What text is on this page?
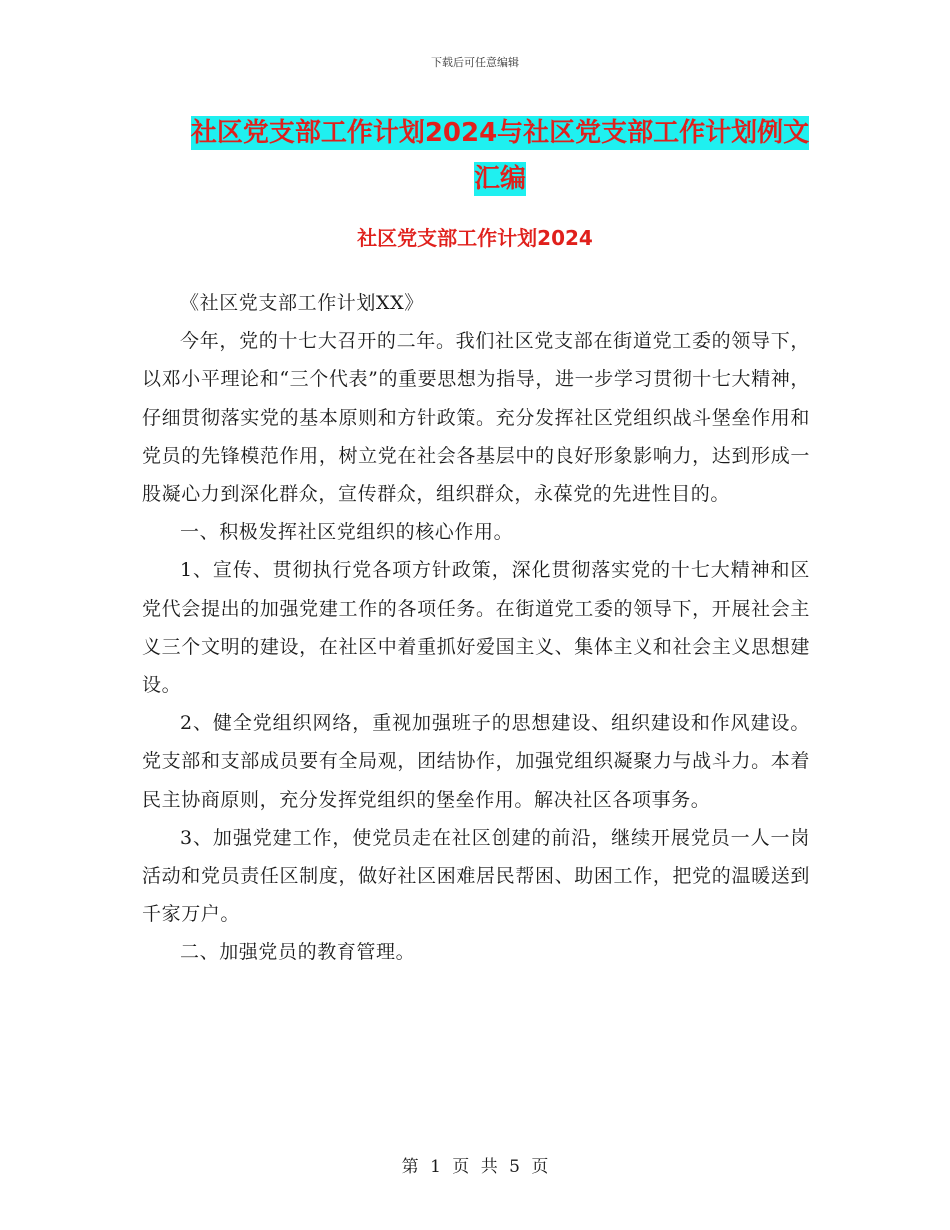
下载后可任意编辑
社区党支部工作计划2024与社区党支部工作计划例文
汇编
社区党支部工作计划2024

《社区党支部工作计划XX》

今年，党的十七大召开的二年。我们社区党支部在街道党工委的领导下，以邓小平理论和“三个代表”的重要思想为指导，进一步学习贯彻十七大精神，仔细贯彻落实党的基本原则和方针政策。充分发挥社区党组织战斗堡垒作用和党员的先锋模范作用，树立党在社会各基层中的良好形象影响力，达到形成一股凝心力到深化群众，宣传群众，组织群众，永葆党的先进性目的。

一、积极发挥社区党组织的核心作用。

1、宣传、贯彻执行党各项方针政策，深化贯彻落实党的十七大精神和区党代会提出的加强党建工作的各项任务。在街道党工委的领导下，开展社会主义三个文明的建设，在社区中着重抓好爱国主义、集体主义和社会主义思想建设。

2、健全党组织网络，重视加强班子的思想建设、组织建设和作风建设。党支部和支部成员要有全局观，团结协作，加强党组织凝聚力与战斗力。本着民主协商原则，充分发挥党组织的堡垒作用。解决社区各项事务。

3、加强党建工作，使党员走在社区创建的前沿，继续开展党员一人一岗活动和党员责任区制度，做好社区困难居民帮困、助困工作，把党的温暖送到千家万户。

二、加强党员的教育管理。

第 1 页 共 5 页
